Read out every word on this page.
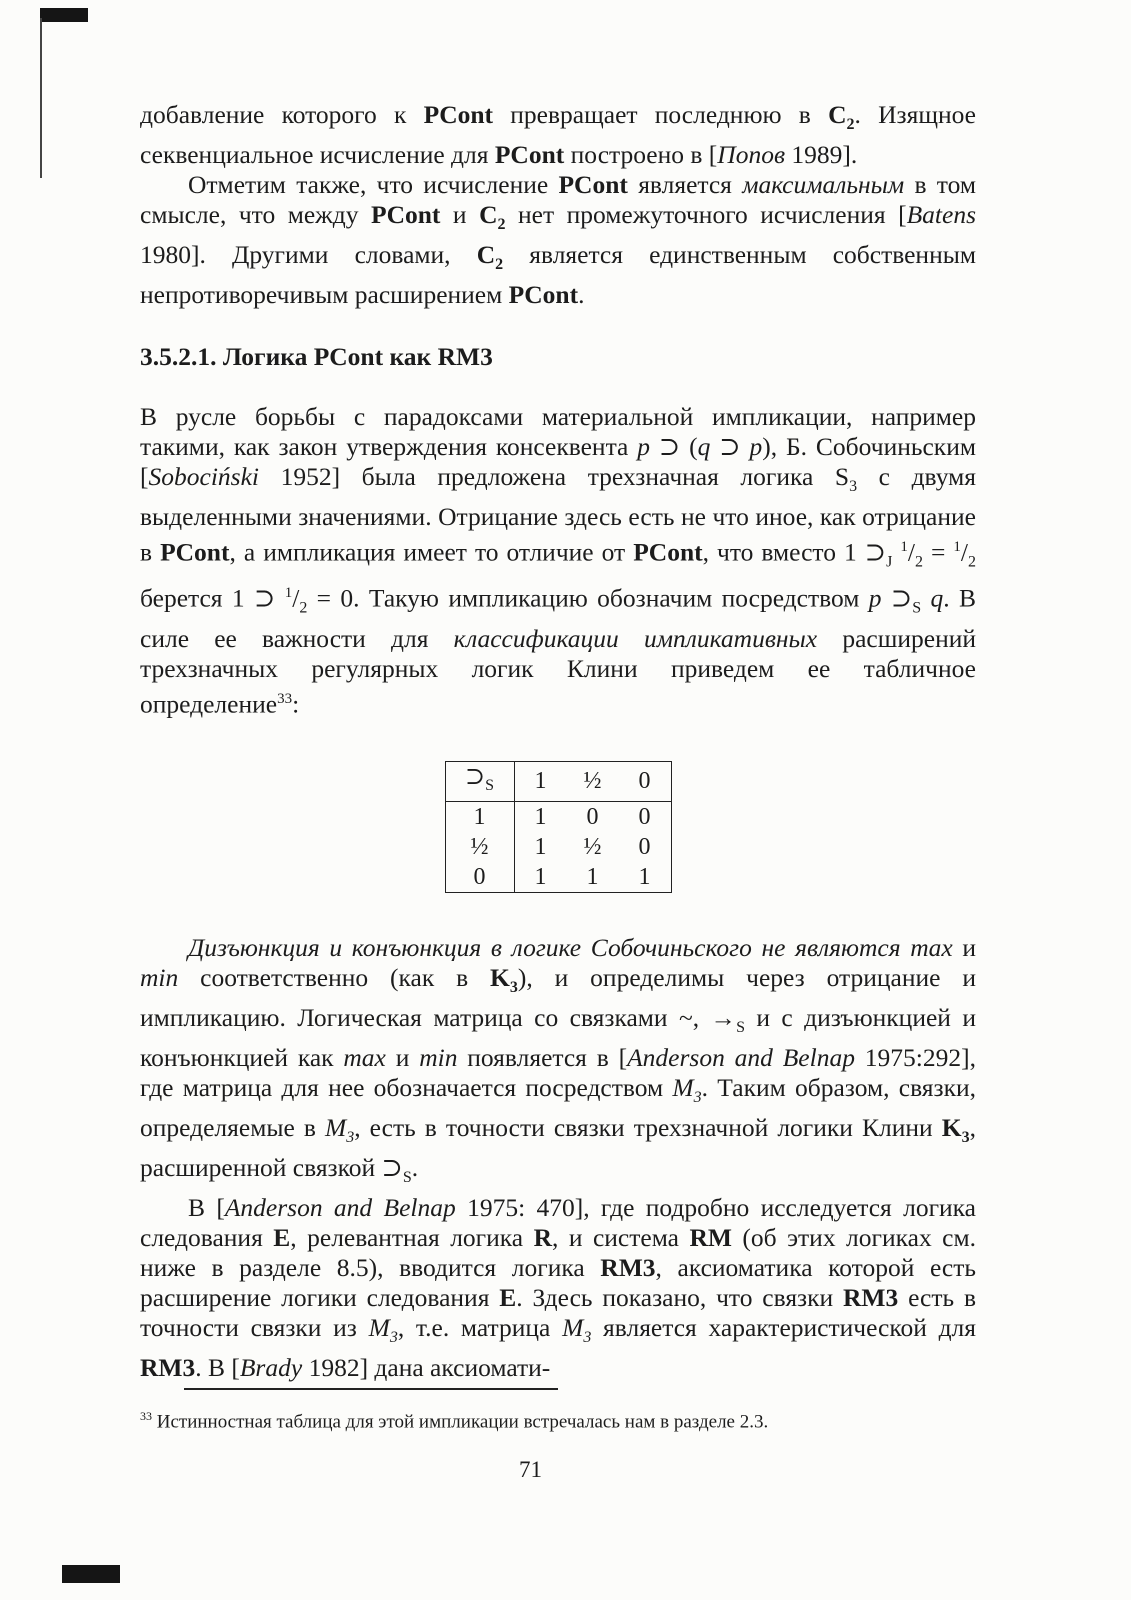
добавление которого к PCont превращает последнюю в $C_2$. Изящное секвенциальное исчисление для PCont построено в [Попов 1989].

Отметим также, что исчисление PCont является максимальным в том смысле, что между PCont и $C_2$ нет промежуточного исчисления [Batens 1980]. Другими словами, $C_2$ является единственным собственным непротиворечивым расширением PCont.

3.5.2.1. Логика PCont как RM3

В русле борьбы с парадоксами материальной импликации, например такими, как закон утверждения консеквента p ⊃ (q ⊃ p), Б. Собочиньским [Sobociński 1952] была предложена трехзначная логика $S_3$ с двумя выделенными значениями. Отрицание здесь есть не что иное, как отрицание в PCont, а импликация имеет то отличие от PCont, что вместо 1 $⊃_J$ $^1/_2 = ^1/_2$ берется 1 ⊃ $^1/_2 = 0$. Такую импликацию обозначим посредством p $⊃_S$ q. В силе ее важности для классификации импликативных расширений трехзначных регулярных логик Клини приведем ее табличное определение$^{33}$:

$⊃_S$	1	½	0
1	1	0	0
½	1	½	0
0	1	1	1

Дизъюнкция и конъюнкция в логике Собочиньского не являются max и min соответственно (как в $K_3$), и определимы через отрицание и импликацию. Логическая матрица со связками ~, $\to_S$ и с дизъюнкцией и конъюнкцией как max и min появляется в [Anderson and Belnap 1975:292], где матрица для нее обозначается посредством $M_3$. Таким образом, связки, определяемые в $M_3$, есть в точности связки трехзначной логики Клини $K_3$, расширенной связкой $⊃_S$.

В [Anderson and Belnap 1975: 470], где подробно исследуется логика следования E, релевантная логика R, и система RM (об этих логиках см. ниже в разделе 8.5), вводится логика RM3, аксиоматика которой есть расширение логики следования E. Здесь показано, что связки RM3 есть в точности связки из $M_3$, т.е. матрица $M_3$ является характеристической для RM3. В [Brady 1982] дана аксиомати-

$^{33}$ Истинностная таблица для этой импликации встречалась нам в разделе 2.3.
71
